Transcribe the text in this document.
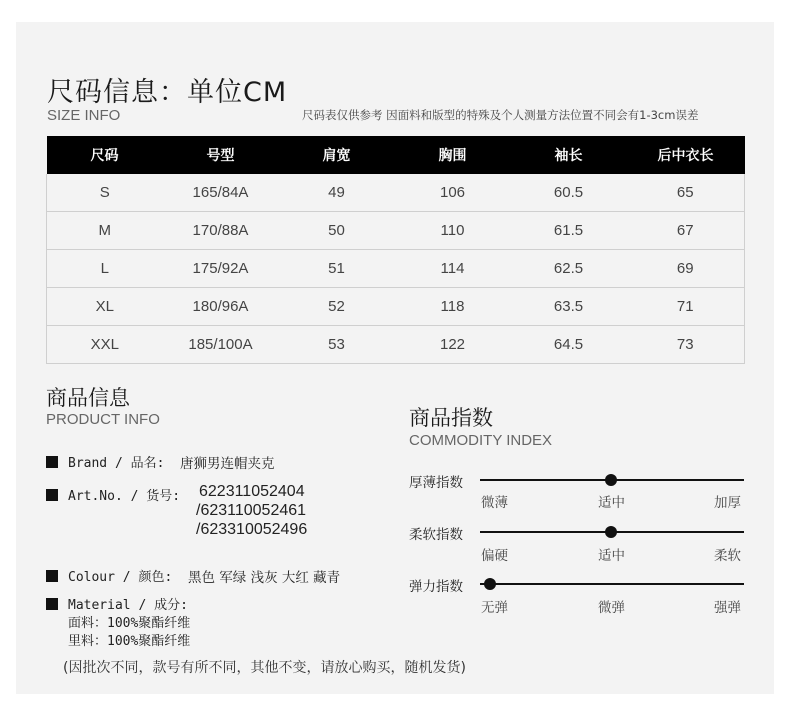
尺码信息：单位CM
SIZE INFO	尺码表仅供参考 因面料和版型的特殊及个人测量方法位置不同会有1-3cm误差
尺码	号型	肩宽	胸围	袖长	后中衣长
S	165/84A	49	106	60.5	65
M	170/88A	50	110	61.5	67
L	175/92A	51	114	62.5	69
XL	180/96A	52	118	63.5	71
XXL	185/100A	53	122	64.5	73
商品信息
PRODUCT INFO
Brand / 品名: 唐狮男连帽夹克
Art.No. / 货号: 622311052404
/623110052461
/623310052496
Colour / 颜色: 黑色 军绿 浅灰 大红 藏青
Material / 成分:
面料：100%聚酯纤维
里料：100%聚酯纤维
(因批次不同，款号有所不同，其他不变，请放心购买，随机发货)
商品指数
COMMODITY INDEX
厚薄指数
微薄	适中	加厚
柔软指数
偏硬	适中	柔软
弹力指数
无弹	微弹	强弹
